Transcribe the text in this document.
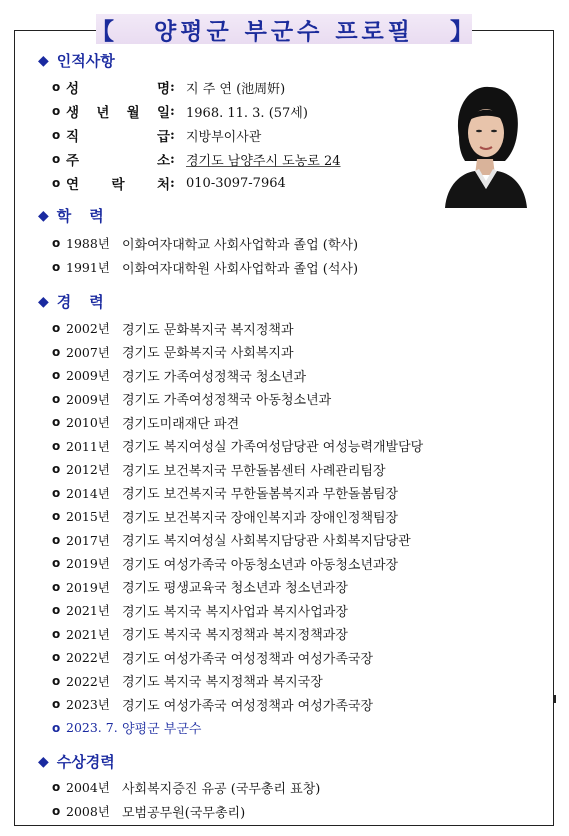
【
양평군 부군수 프로필
】
◆ 인적사항
o 성	명 : 지 주 연 (池周姸)
o 생 년 월 일 : 1968. 11. 3. (57세)
o 직	급 : 지방부이사관
o 주	소 : 경기도 남양주시 도농로 24
o 연 락 처 : 010-3097-7964
◆ 학력
o 1988년 이화여자대학교 사회사업학과 졸업 (학사)
o 1991년 이화여자대학원 사회사업학과 졸업 (석사)
◆ 경력
o 2002년 경기도 문화복지국 복지정책과
o 2007년 경기도 문화복지국 사회복지과
o 2009년 경기도 가족여성정책국 청소년과
o 2009년 경기도 가족여성정책국 아동청소년과
o 2010년 경기도미래재단 파견
o 2011년 경기도 복지여성실 가족여성담당관 여성능력개발담당
o 2012년 경기도 보건복지국 무한돌봄센터 사례관리팀장
o 2014년 경기도 보건복지국 무한돌봄복지과 무한돌봄팀장
o 2015년 경기도 보건복지국 장애인복지과 장애인정책팀장
o 2017년 경기도 복지여성실 사회복지담당관 사회복지담당관
o 2019년 경기도 여성가족국 아동청소년과 아동청소년과장
o 2019년 경기도 평생교육국 청소년과 청소년과장
o 2021년 경기도 복지국 복지사업과 복지사업과장
o 2021년 경기도 복지국 복지정책과 복지정책과장
o 2022년 경기도 여성가족국 여성정책과 여성가족국장
o 2022년 경기도 복지국 복지정책과 복지국장
o 2023년 경기도 여성가족국 여성정책과 여성가족국장
o 2023. 7. 양평군 부군수
◆ 수상경력
o 2004년 사회복지증진 유공 (국무총리 표창)
o 2008년 모범공무원(국무총리)
